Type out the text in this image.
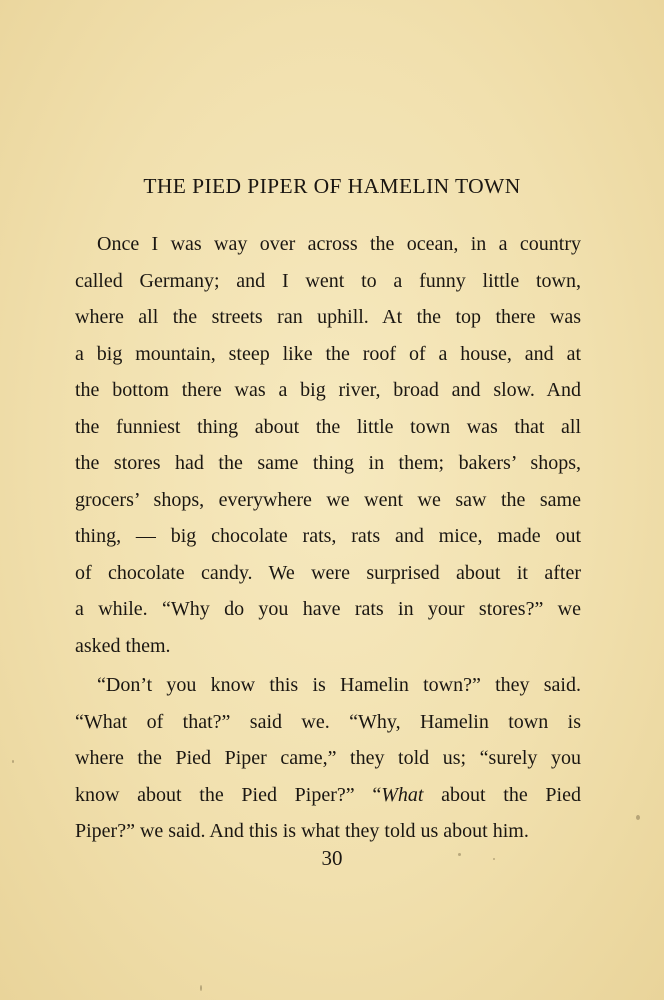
THE PIED PIPER OF HAMELIN TOWN
Once I was way over across the ocean, in a country
called Germany; and I went to a funny little town,
where all the streets ran uphill. At the top there was
a big mountain, steep like the roof of a house, and at
the bottom there was a big river, broad and slow. And
the funniest thing about the little town was that all
the stores had the same thing in them; bakers’ shops,
grocers’ shops, everywhere we went we saw the same
thing, — big chocolate rats, rats and mice, made out
of chocolate candy. We were surprised about it after
a while. “Why do you have rats in your stores?” we
asked them.
“Don’t you know this is Hamelin town?” they said.
“What of that?” said we. “Why, Hamelin town is
where the Pied Piper came,” they told us; “surely you
know about the Pied Piper?” “What about the Pied
Piper?” we said. And this is what they told us about him.
30
